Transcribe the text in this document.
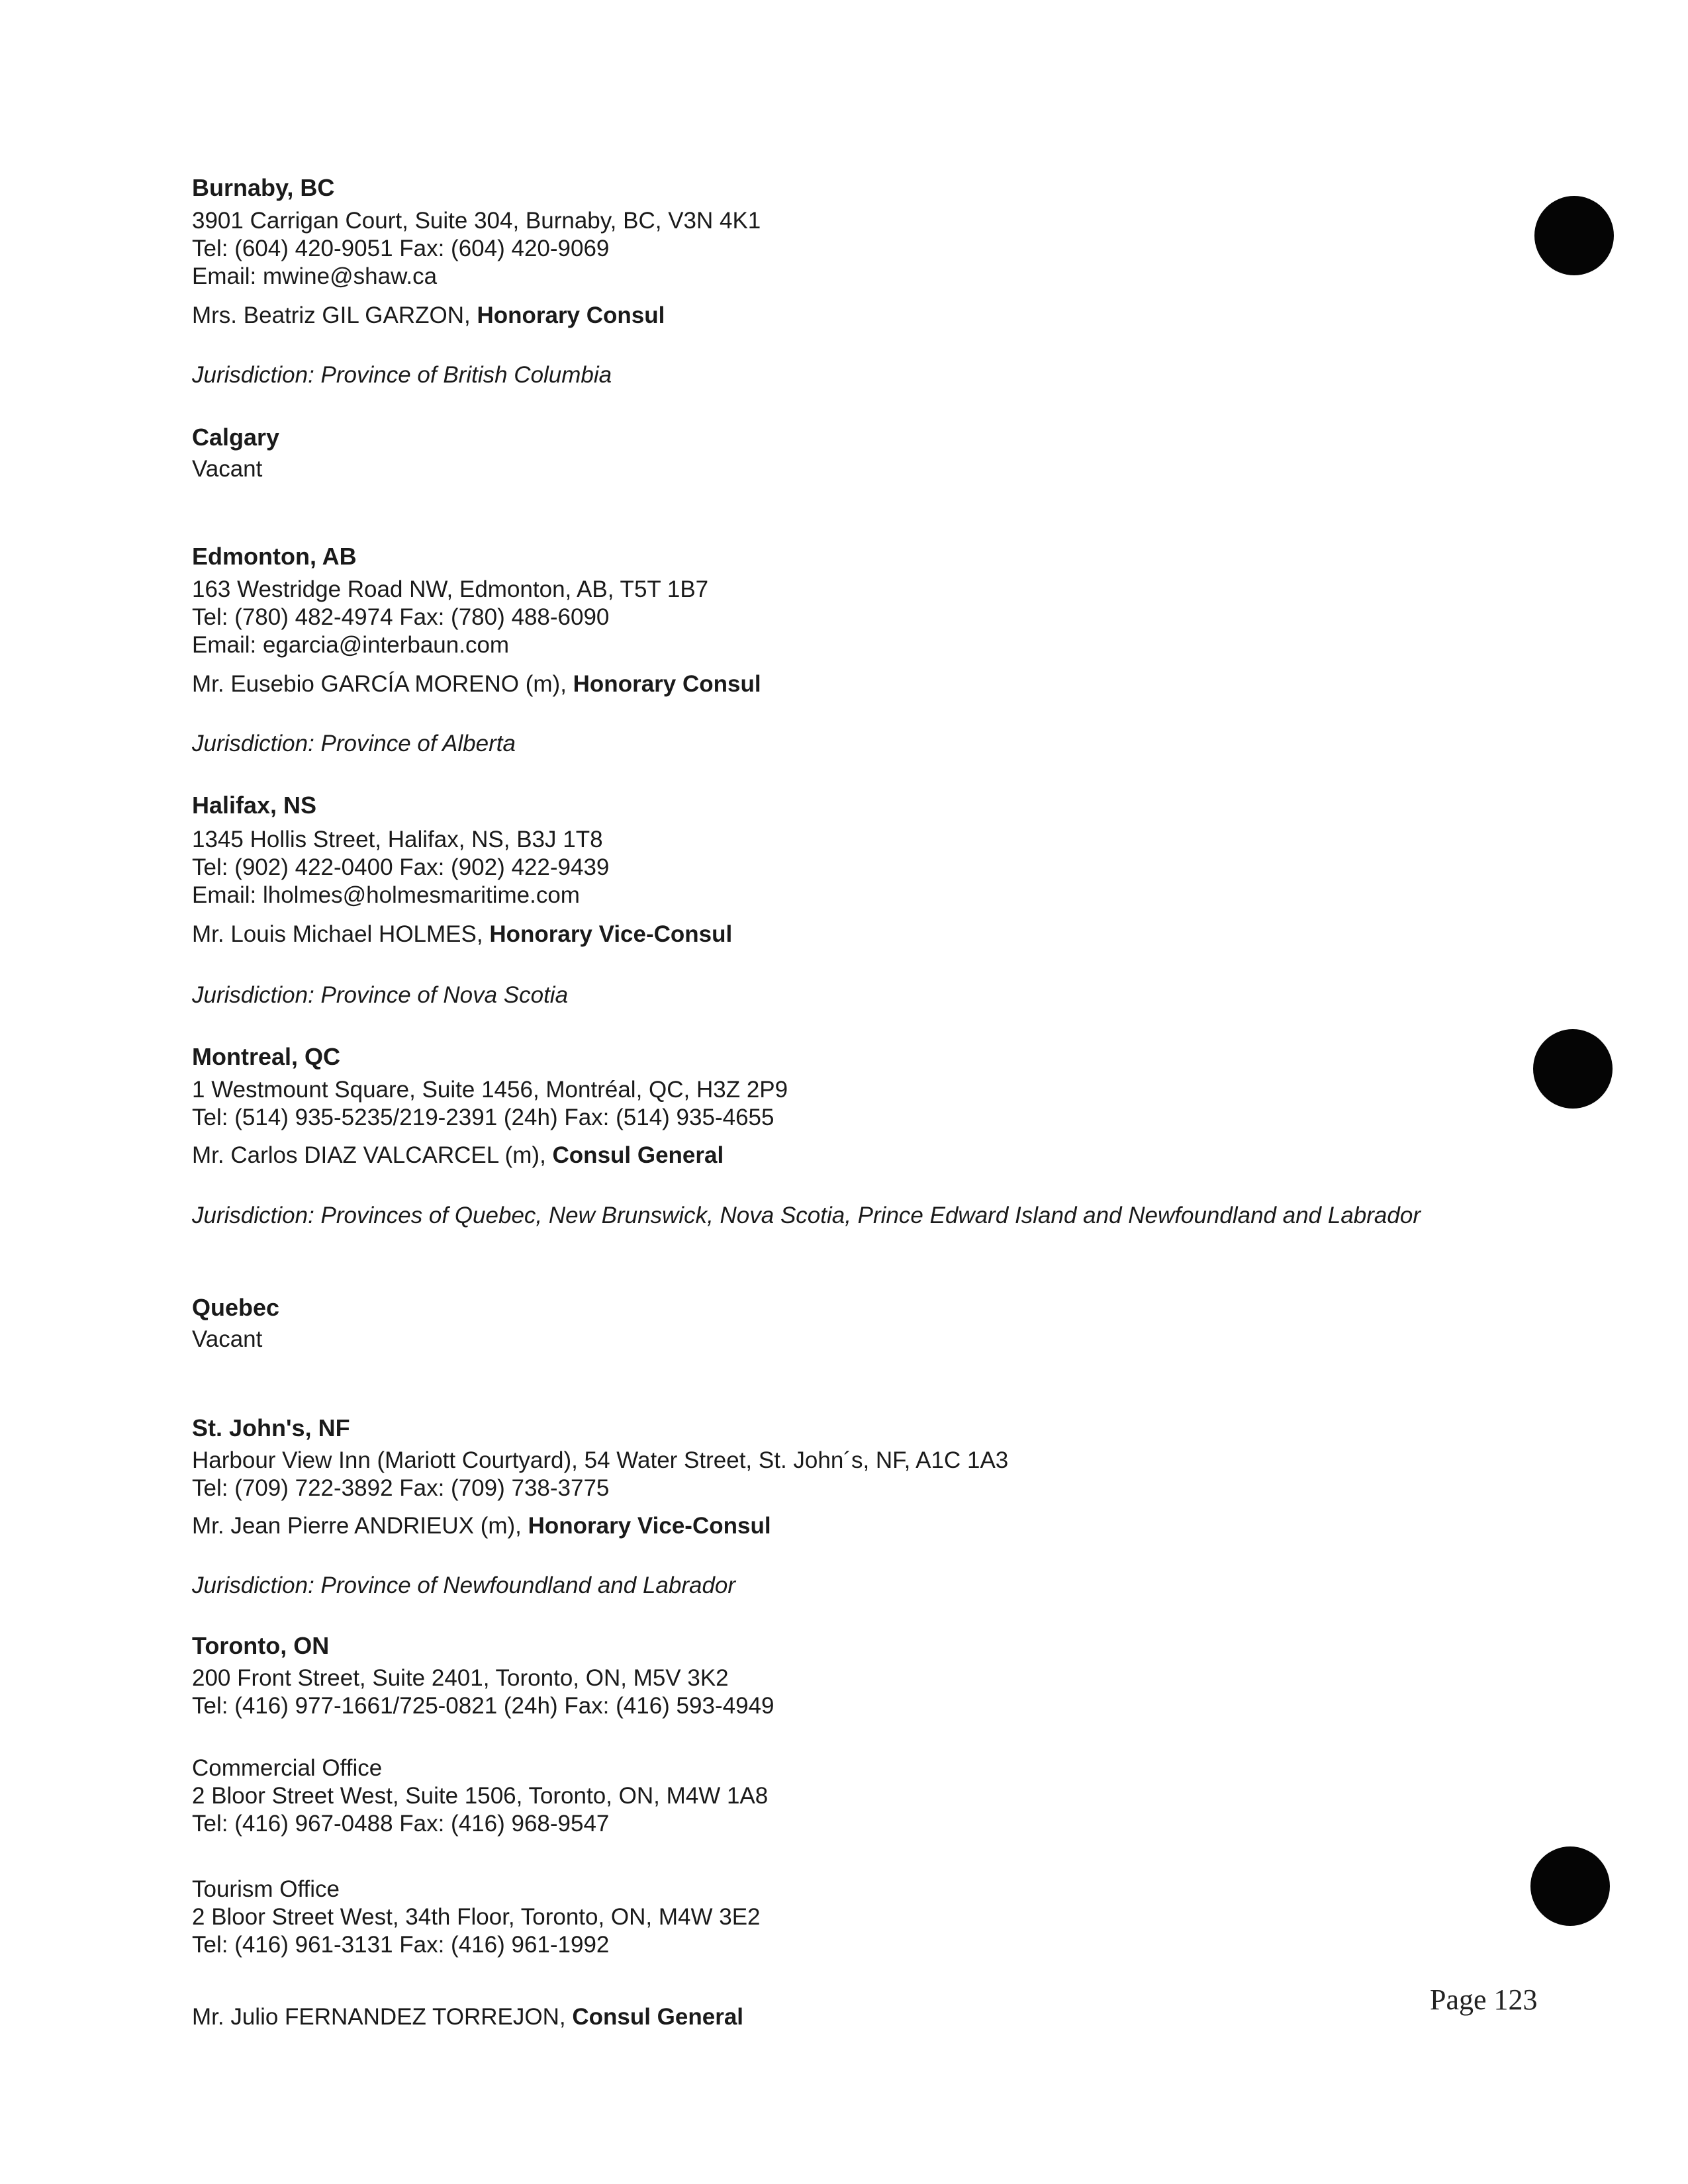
Burnaby, BC
3901 Carrigan Court, Suite 304, Burnaby, BC, V3N 4K1
Tel: (604) 420-9051 Fax: (604) 420-9069
Email: mwine@shaw.ca
Mrs. Beatriz GIL GARZON, Honorary Consul
Jurisdiction: Province of British Columbia
Calgary
Vacant
Edmonton, AB
163 Westridge Road NW, Edmonton, AB, T5T 1B7
Tel: (780) 482-4974 Fax: (780) 488-6090
Email: egarcia@interbaun.com
Mr. Eusebio GARCÍA MORENO (m), Honorary Consul
Jurisdiction: Province of Alberta
Halifax, NS
1345 Hollis Street, Halifax, NS, B3J 1T8
Tel: (902) 422-0400 Fax: (902) 422-9439
Email: lholmes@holmesmaritime.com
Mr. Louis Michael HOLMES, Honorary Vice-Consul
Jurisdiction: Province of Nova Scotia
Montreal, QC
1 Westmount Square, Suite 1456, Montréal, QC, H3Z 2P9
Tel: (514) 935-5235/219-2391 (24h) Fax: (514) 935-4655
Mr. Carlos DIAZ VALCARCEL (m), Consul General
Jurisdiction: Provinces of Quebec, New Brunswick, Nova Scotia, Prince Edward Island and Newfoundland and Labrador
Quebec
Vacant
St. John's, NF
Harbour View Inn (Mariott Courtyard), 54 Water Street, St. John´s, NF, A1C 1A3
Tel: (709) 722-3892 Fax: (709) 738-3775
Mr. Jean Pierre ANDRIEUX (m), Honorary Vice-Consul
Jurisdiction: Province of Newfoundland and Labrador
Toronto, ON
200 Front Street, Suite 2401, Toronto, ON, M5V 3K2
Tel: (416) 977-1661/725-0821 (24h) Fax: (416) 593-4949
Commercial Office
2 Bloor Street West, Suite 1506, Toronto, ON, M4W 1A8
Tel: (416) 967-0488 Fax: (416) 968-9547
Tourism Office
2 Bloor Street West, 34th Floor, Toronto, ON, M4W 3E2
Tel: (416) 961-3131 Fax: (416) 961-1992
Mr. Julio FERNANDEZ TORREJON, Consul General
Page 123
